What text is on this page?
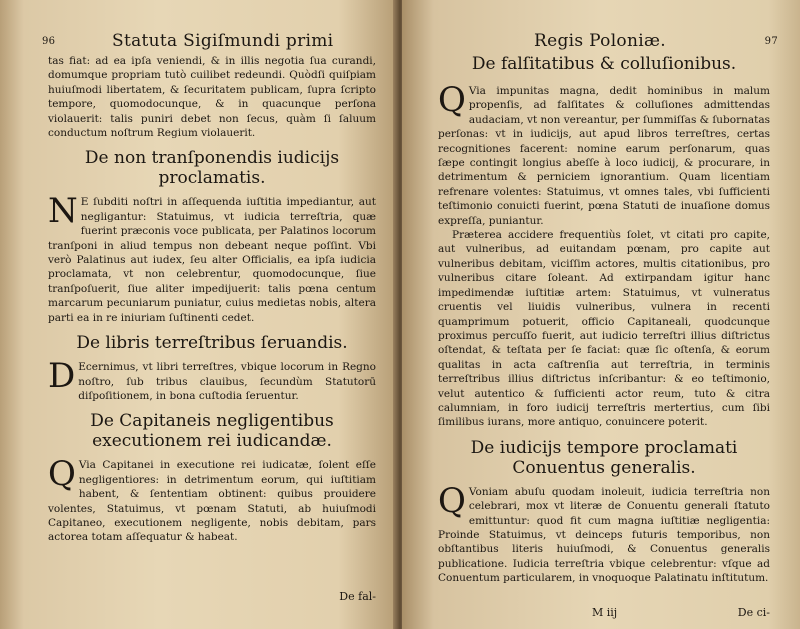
96	Statuta Sigiſmundi primi

tas fiat: ad ea ipſa veniendi, & in illis negotia ſua curandi, domumque propriam tutò cuilibet redeundi. Quòdſi quiſpiam huiuſmodi libertatem, & ſecuritatem publicam, ſupra ſcripto tempore, quomodocunque, & in quacunque perſona violauerit: talis puniri debet non ſecus, quàm ſi ſaluum conductum noſtrum Regium violauerit.

De non tranſponendis iudicijs proclamatis.

N E ſubditi noſtri in aſſequenda iuſtitia impediantur, aut negligantur: Statuimus, vt iudicia terreſtria, quæ fuerint præconis voce publicata, per Palatinos locorum tranſponi in aliud tempus non debeant neque poſſint. Vbi verò Palatinus aut iudex, ſeu alter Officialis, ea ipſa iudicia proclamata, vt non celebrentur, quomodocunque, ſiue tranſpoſuerit, ſiue aliter impedijuerit: talis pœna centum marcarum pecuniarum puniatur, cuius medietas nobis, altera parti ea in re iniuriam ſuſtinenti cedet.

De libris terreſtribus ſeruandis.

D Ecernimus, vt libri terreſtres, vbique locorum in Regno noſtro, ſub tribus clauibus, ſecundùm Statutorū diſpoſitionem, in bona cuſtodia ſeruentur.

De Capitaneis negligentibus executionem rei iudicandæ.

Q Via Capitanei in executione rei iudicatæ, ſolent eſſe negligentiores: in detrimentum eorum, qui iuſtitiam habent, & ſententiam obtinent: quibus prouidere volentes, Statuimus, vt pœnam Statuti, ab huiuſmodi Capitaneo, executionem negligente, nobis debitam, pars actorea totam aſſequatur & habeat.

De fal-
Regis Poloniæ.	97
De falſitatibus & colluſionibus.

Q Via impunitas magna, dedit hominibus in malum propenſis, ad falſitates & colluſiones admittendas audaciam, vt non vereantur, per ſummiſſas & ſubornatas perſonas: vt in iudicijs, aut apud libros terreſtres, certas recognitiones facerent: nomine earum perſonarum, quas ſæpe contingit longius abeſſe à loco iudicij, & procurare, in detrimentum & perniciem ignorantium. Quam licentiam refrenare volentes: Statuimus, vt omnes tales, vbi ſufficienti teſtimonio conuicti fuerint, pœna Statuti de inuaſione domus expreſſa, puniantur.

Præterea accidere frequentiùs ſolet, vt citati pro capite, aut vulneribus, ad euitandam pœnam, pro capite aut vulneribus debitam, viciſſim actores, multis citationibus, pro vulneribus citare ſoleant. Ad extirpandam igitur hanc impedimendæ iuſtitiæ artem: Statuimus, vt vulneratus cruentis vel liuidis vulneribus, vulnera in recenti quamprimum potuerit, officio Capitaneali, quodcunque proximus percuſſo fuerit, aut iudicio terreſtri illius diſtrictus oſtendat, & teſtata per ſe faciat: quæ ſic oſtenſa, & eorum qualitas in acta caſtrenſia aut terreſtria, in terminis terreſtribus illius diſtrictus inſcribantur: & eo teſtimonio, velut autentico & ſufficienti actor reum, tuto & citra calumniam, in foro iudicij terreſtris mertertius, cum ſibi ſimilibus iurans, more antiquo, conuincere poterit.

De iudicijs tempore proclamati Conuentus generalis.

Q Voniam abuſu quodam inoleuit, iudicia terreſtria non celebrari, mox vt literæ de Conuentu generali ſtatuto emittuntur: quod fit cum magna iuſtitiæ negligentia: Proinde Statuimus, vt deinceps futuris temporibus, non obſtantibus literis huiuſmodi, & Conuentus generalis publicatione. Iudicia terreſtria vbique celebrentur: vſque ad Conuentum particularem, in vnoquoque Palatinatu inſtitutum.

M iij	De ci-
